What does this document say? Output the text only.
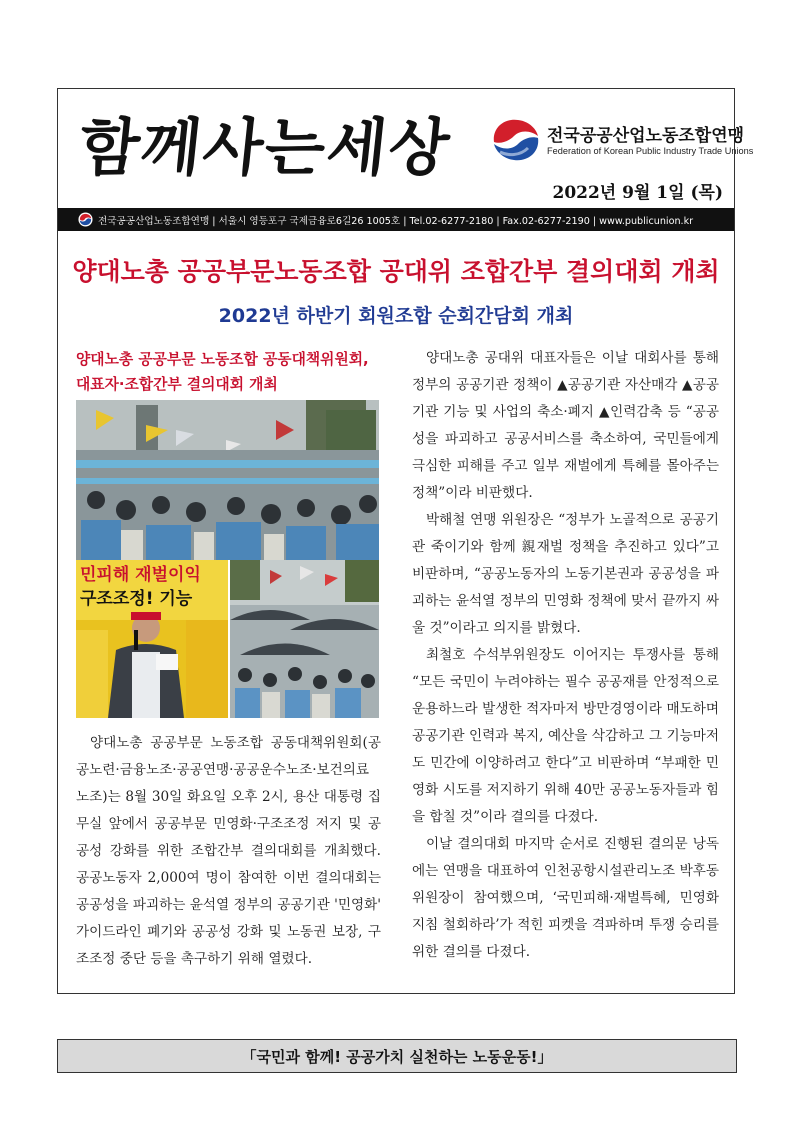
함께사는세상	전국공공산업노동조합연맹
Federation of Korean Public Industry Trade Unions
2022년 9월 1일 (목)
전국공공산업노동조합연맹 | 서울시 영등포구 국제금융로6길26 1005호 | Tel.02-6277-2180 | Fax.02-6277-2190 | www.publicunion.kr
양대노총 공공부문노동조합 공대위 조합간부 결의대회 개최
2022년 하반기 회원조합 순회간담회 개최
양대노총 공공부문 노동조합 공동대책위원회,
대표자·조합간부 결의대회 개최
민피해 재벌이익
구조조정! 기능

양대노총 공공부문 노동조합 공동대책위원회(공공노련·금융노조·공공연맹·공공운수노조·보건의료노조)는 8월 30일 화요일 오후 2시, 용산 대통령 집무실 앞에서 공공부문 민영화·구조조정 저지 및 공공성 강화를 위한 조합간부 결의대회를 개최했다. 공공노동자 2,000여 명이 참여한 이번 결의대회는 공공성을 파괴하는 윤석열 정부의 공공기관 '민영화' 가이드라인 폐기와 공공성 강화 및 노동권 보장, 구조조정 중단 등을 촉구하기 위해 열렸다.

양대노총 공대위 대표자들은 이날 대회사를 통해 정부의 공공기관 정책이 ▲공공기관 자산매각 ▲공공기관 기능 및 사업의 축소·폐지 ▲인력감축 등 “공공성을 파괴하고 공공서비스를 축소하여, 국민들에게 극심한 피해를 주고 일부 재벌에게 특혜를 몰아주는 정책”이라 비판했다.

박해철 연맹 위원장은 “정부가 노골적으로 공공기관 죽이기와 함께 親재벌 정책을 추진하고 있다”고 비판하며, “공공노동자의 노동기본권과 공공성을 파괴하는 윤석열 정부의 민영화 정책에 맞서 끝까지 싸울 것”이라고 의지를 밝혔다.

최철호 수석부위원장도 이어지는 투쟁사를 통해 “모든 국민이 누려야하는 필수 공공재를 안정적으로 운용하느라 발생한 적자마저 방만경영이라 매도하며 공공기관 인력과 복지, 예산을 삭감하고 그 기능마저도 민간에 이양하려고 한다”고 비판하며 “부패한 민영화 시도를 저지하기 위해 40만 공공노동자들과 힘을 합칠 것”이라 결의를 다졌다.

이날 결의대회 마지막 순서로 진행된 결의문 낭독에는 연맹을 대표하여 인천공항시설관리노조 박후동 위원장이 참여했으며, ‘국민피해·재벌특혜, 민영화 지침 철회하라’가 적힌 피켓을 격파하며 투쟁 승리를 위한 결의를 다졌다.

「국민과 함께! 공공가치 실천하는 노동운동!」
